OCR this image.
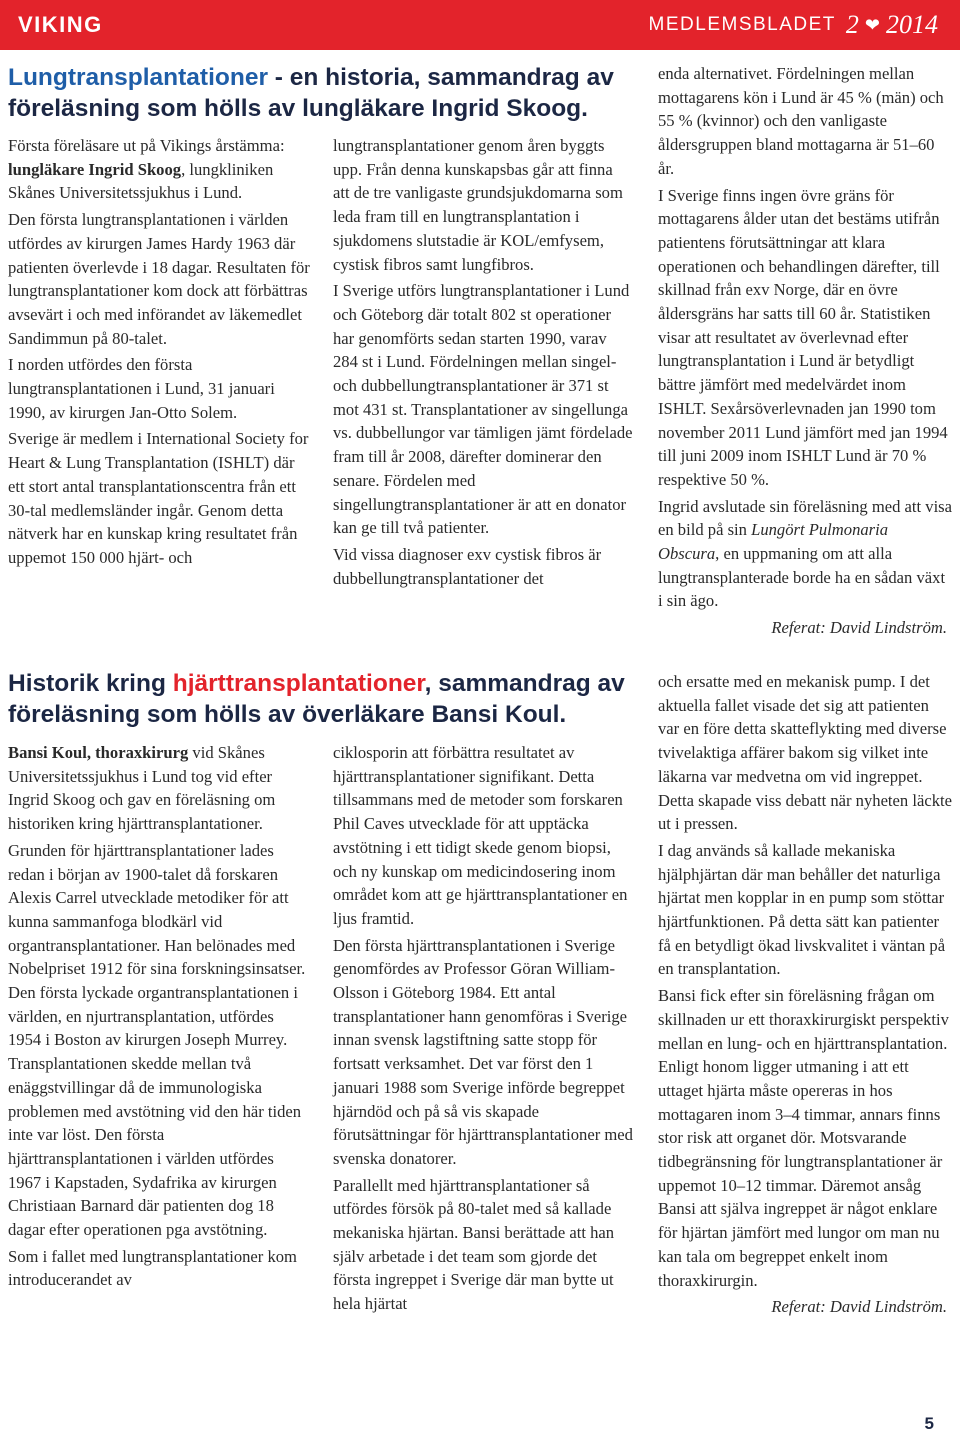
VIKING	MEDLEMSBLADET 2 ❤ 2014
Lungtransplantationer - en historia, sammandrag av föreläsning som hölls av lungläkare Ingrid Skoog.

Första föreläsare ut på Vikings årstämma: lungläkare Ingrid Skoog, lungkliniken Skånes Universitetssjukhus i Lund.

Den första lungtransplantationen i världen utfördes av kirurgen James Hardy 1963 där patienten överlevde i 18 dagar. Resultaten för lungtransplantationer kom dock att förbättras avsevärt i och med införandet av läkemedlet Sandimmun på 80-talet.

I norden utfördes den första lungtransplantationen i Lund, 31 januari 1990, av kirurgen Jan-Otto Solem.

Sverige är medlem i International Society for Heart & Lung Transplantation (ISHLT) där ett stort antal transplantationscentra från ett 30-tal medlemsländer ingår. Genom detta nätverk har en kunskap kring resultatet från uppemot 150 000 hjärt- och

lungtransplantationer genom åren byggts upp. Från denna kunskapsbas går att finna att de tre vanligaste grundsjukdomarna som leda fram till en lungtransplantation i sjukdomens slutstadie är KOL/emfysem, cystisk fibros samt lungfibros.

I Sverige utförs lungtransplantationer i Lund och Göteborg där totalt 802 st operationer har genomförts sedan starten 1990, varav 284 st i Lund. Fördelningen mellan singel- och dubbellungtransplantationer är 371 st mot 431 st. Transplantationer av singellunga vs. dubbellungor var tämligen jämt fördelade fram till år 2008, därefter dominerar den senare. Fördelen med singellungtransplantationer är att en donator kan ge till två patienter.

Vid vissa diagnoser exv cystisk fibros är dubbellungtransplantationer det

enda alternativet. Fördelningen mellan mottagarens kön i Lund är 45 % (män) och 55 % (kvinnor) och den vanligaste åldersgruppen bland mottagarna är 51–60 år.

I Sverige finns ingen övre gräns för mottagarens ålder utan det bestäms utifrån patientens förutsättningar att klara operationen och behandlingen därefter, till skillnad från exv Norge, där en övre åldersgräns har satts till 60 år. Statistiken visar att resultatet av överlevnad efter lungtransplantation i Lund är betydligt bättre jämfört med medelvärdet inom ISHLT. Sexårsöverlevnaden jan 1990 tom november 2011 Lund jämfört med jan 1994 till juni 2009 inom ISHLT Lund är 70 % respektive 50 %.

Ingrid avslutade sin föreläsning med att visa en bild på sin Lungört Pulmonaria Obscura, en uppmaning om att alla lungtransplanterade borde ha en sådan växt i sin ägo.

Referat: David Lindström.

Historik kring hjärttransplantationer, sammandrag av föreläsning som hölls av överläkare Bansi Koul.

Bansi Koul, thoraxkirurg vid Skånes Universitetssjukhus i Lund tog vid efter Ingrid Skoog och gav en föreläsning om historiken kring hjärttransplantationer.

Grunden för hjärttransplantationer lades redan i början av 1900-talet då forskaren Alexis Carrel utvecklade metodiker för att kunna sammanfoga blodkärl vid organtransplantationer. Han belönades med Nobelpriset 1912 för sina forskningsinsatser. Den första lyckade organtransplantationen i världen, en njurtransplantation, utfördes 1954 i Boston av kirurgen Joseph Murrey. Transplantationen skedde mellan två enäggstvillingar då de immunologiska problemen med avstötning vid den här tiden inte var löst. Den första hjärttransplantationen i världen utfördes 1967 i Kapstaden, Sydafrika av kirurgen Christiaan Barnard där patienten dog 18 dagar efter operationen pga avstötning.

Som i fallet med lungtransplantationer kom introducerandet av

ciklosporin att förbättra resultatet av hjärttransplantationer signifikant. Detta tillsammans med de metoder som forskaren Phil Caves utvecklade för att upptäcka avstötning i ett tidigt skede genom biopsi, och ny kunskap om medicindosering inom området kom att ge hjärttransplantationer en ljus framtid.

Den första hjärttransplantationen i Sverige genomfördes av Professor Göran William-Olsson i Göteborg 1984. Ett antal transplantationer hann genomföras i Sverige innan svensk lagstiftning satte stopp för fortsatt verksamhet. Det var först den 1 januari 1988 som Sverige införde begreppet hjärndöd och på så vis skapade förutsättningar för hjärttransplantationer med svenska donatorer.

Parallellt med hjärttransplantationer så utfördes försök på 80-talet med så kallade mekaniska hjärtan. Bansi berättade att han själv arbetade i det team som gjorde det första ingreppet i Sverige där man bytte ut hela hjärtat

och ersatte med en mekanisk pump. I det aktuella fallet visade det sig att patienten var en före detta skatteflykting med diverse tvivelaktiga affärer bakom sig vilket inte läkarna var medvetna om vid ingreppet. Detta skapade viss debatt när nyheten läckte ut i pressen.

I dag används så kallade mekaniska hjälphjärtan där man behåller det naturliga hjärtat men kopplar in en pump som stöttar hjärtfunktionen. På detta sätt kan patienter få en betydligt ökad livskvalitet i väntan på en transplantation.

Bansi fick efter sin föreläsning frågan om skillnaden ur ett thoraxkirurgiskt perspektiv mellan en lung- och en hjärttransplantation. Enligt honom ligger utmaning i att ett uttaget hjärta måste opereras in hos mottagaren inom 3–4 timmar, annars finns stor risk att organet dör. Motsvarande tidbegränsning för lungtransplantationer är uppemot 10–12 timmar. Däremot ansåg Bansi att själva ingreppet är något enklare för hjärtan jämfört med lungor om man nu kan tala om begreppet enkelt inom thoraxkirurgin.

Referat: David Lindström.

5
